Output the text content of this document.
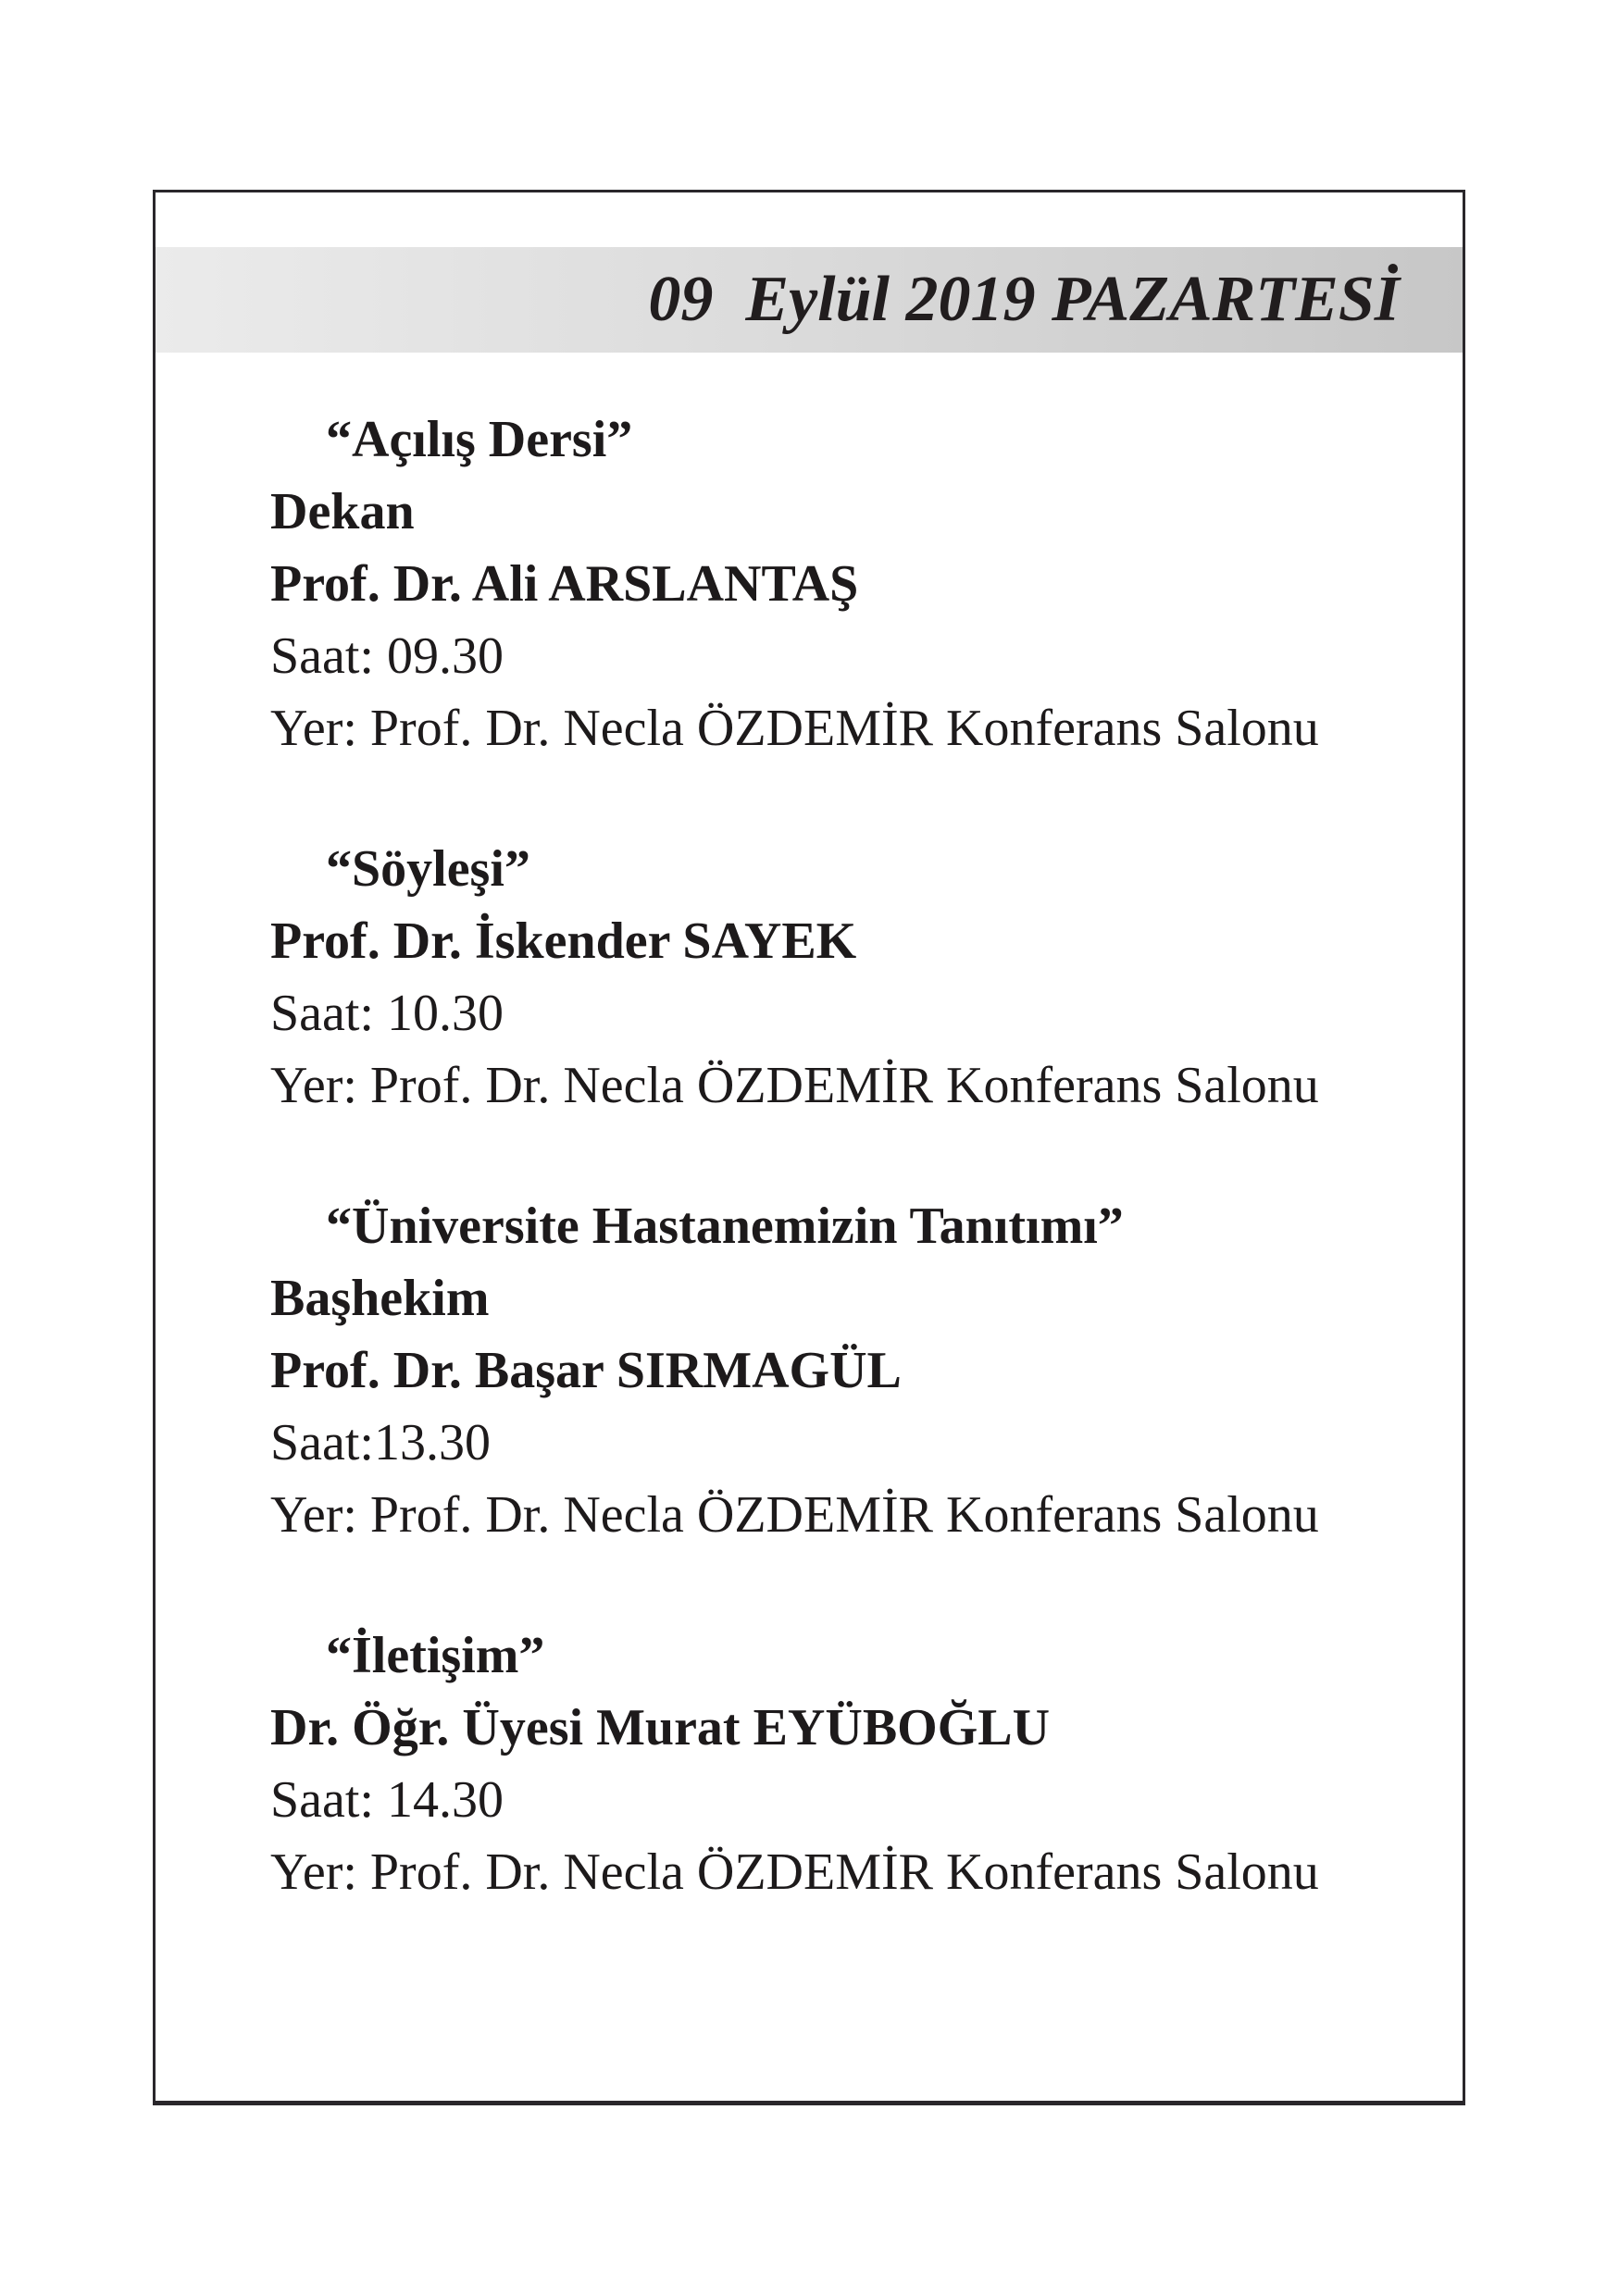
09  Eylül 2019 PAZARTESİ
“Açılış Dersi”
Dekan
Prof. Dr. Ali ARSLANTAŞ
Saat: 09.30
Yer: Prof. Dr. Necla ÖZDEMİR Konferans Salonu
“Söyleşi”
Prof. Dr. İskender SAYEK
Saat: 10.30
Yer: Prof. Dr. Necla ÖZDEMİR Konferans Salonu
“Üniversite Hastanemizin Tanıtımı”
Başhekim
Prof. Dr. Başar SIRMAGÜL
Saat:13.30
Yer: Prof. Dr. Necla ÖZDEMİR Konferans Salonu
“İletişim”
Dr. Öğr. Üyesi Murat EYÜBOĞLU
Saat: 14.30
Yer: Prof. Dr. Necla ÖZDEMİR Konferans Salonu
